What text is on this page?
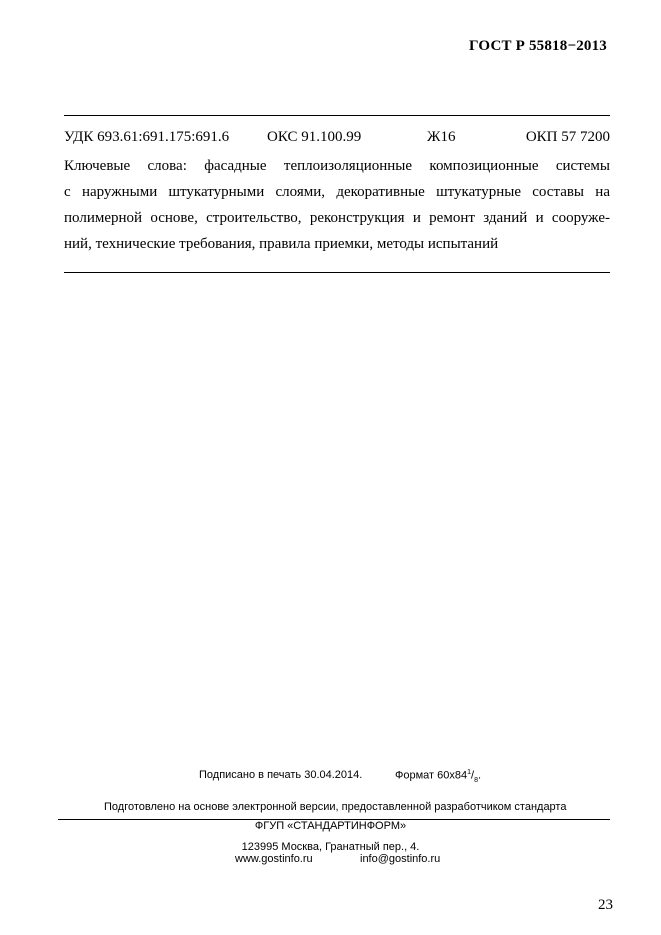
ГОСТ Р 55818−2013
УДК 693.61:691.175:691.6	ОКС 91.100.99	Ж16	ОКП 57 7200

Ключевые слова: фасадные теплоизоляционные композиционные системы
с наружными штукатурными слоями, декоративные штукатурные составы на
полимерной основе, строительство, реконструкция и ремонт зданий и сооруже-
ний, технические требования, правила приемки, методы испытаний

Подписано в печать 30.04.2014.	Формат $60x84^1/_8$.
Подготовлено на основе электронной версии, предоставленной разработчиком стандарта
ФГУП «СТАНДАРТИНФОРМ»
123995 Москва, Гранатный пер., 4.
www.gostinfo.ru	info@gostinfo.ru
23
